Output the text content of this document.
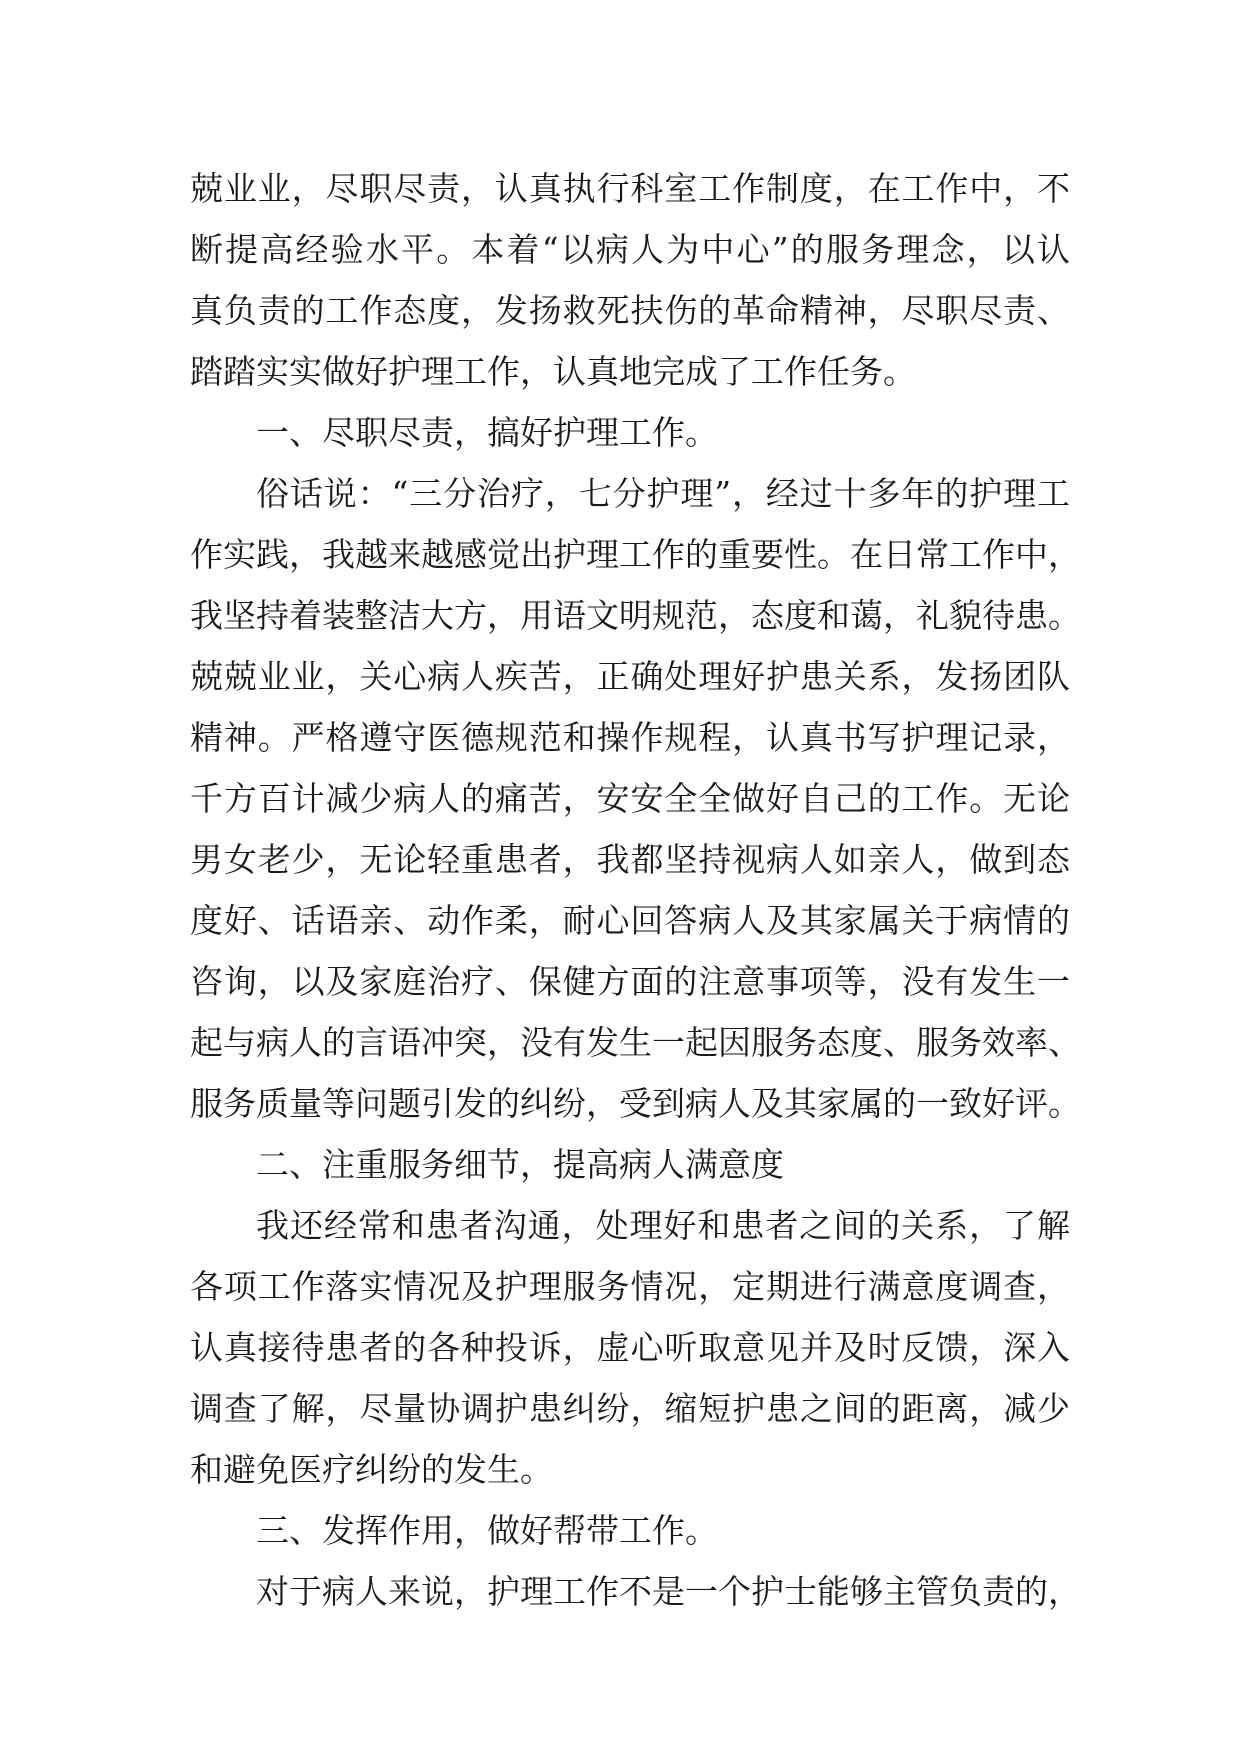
兢业业，尽职尽责，认真执行科室工作制度，在工作中，不
断提高经验水平。本着“以病人为中心”的服务理念，以认
真负责的工作态度，发扬救死扶伤的革命精神，尽职尽责、
踏踏实实做好护理工作，认真地完成了工作任务。
一、尽职尽责，搞好护理工作。
俗话说：“三分治疗，七分护理”，经过十多年的护理工
作实践，我越来越感觉出护理工作的重要性。在日常工作中，
我坚持着装整洁大方，用语文明规范，态度和蔼，礼貌待患。
兢兢业业，关心病人疾苦，正确处理好护患关系，发扬团队
精神。严格遵守医德规范和操作规程，认真书写护理记录，
千方百计减少病人的痛苦，安安全全做好自己的工作。无论
男女老少，无论轻重患者，我都坚持视病人如亲人，做到态
度好、话语亲、动作柔，耐心回答病人及其家属关于病情的
咨询，以及家庭治疗、保健方面的注意事项等，没有发生一
起与病人的言语冲突，没有发生一起因服务态度、服务效率、
服务质量等问题引发的纠纷，受到病人及其家属的一致好评。
二、注重服务细节，提高病人满意度
我还经常和患者沟通，处理好和患者之间的关系，了解
各项工作落实情况及护理服务情况，定期进行满意度调查，
认真接待患者的各种投诉，虚心听取意见并及时反馈，深入
调查了解，尽量协调护患纠纷，缩短护患之间的距离，减少
和避免医疗纠纷的发生。
三、发挥作用，做好帮带工作。
对于病人来说，护理工作不是一个护士能够主管负责的，
